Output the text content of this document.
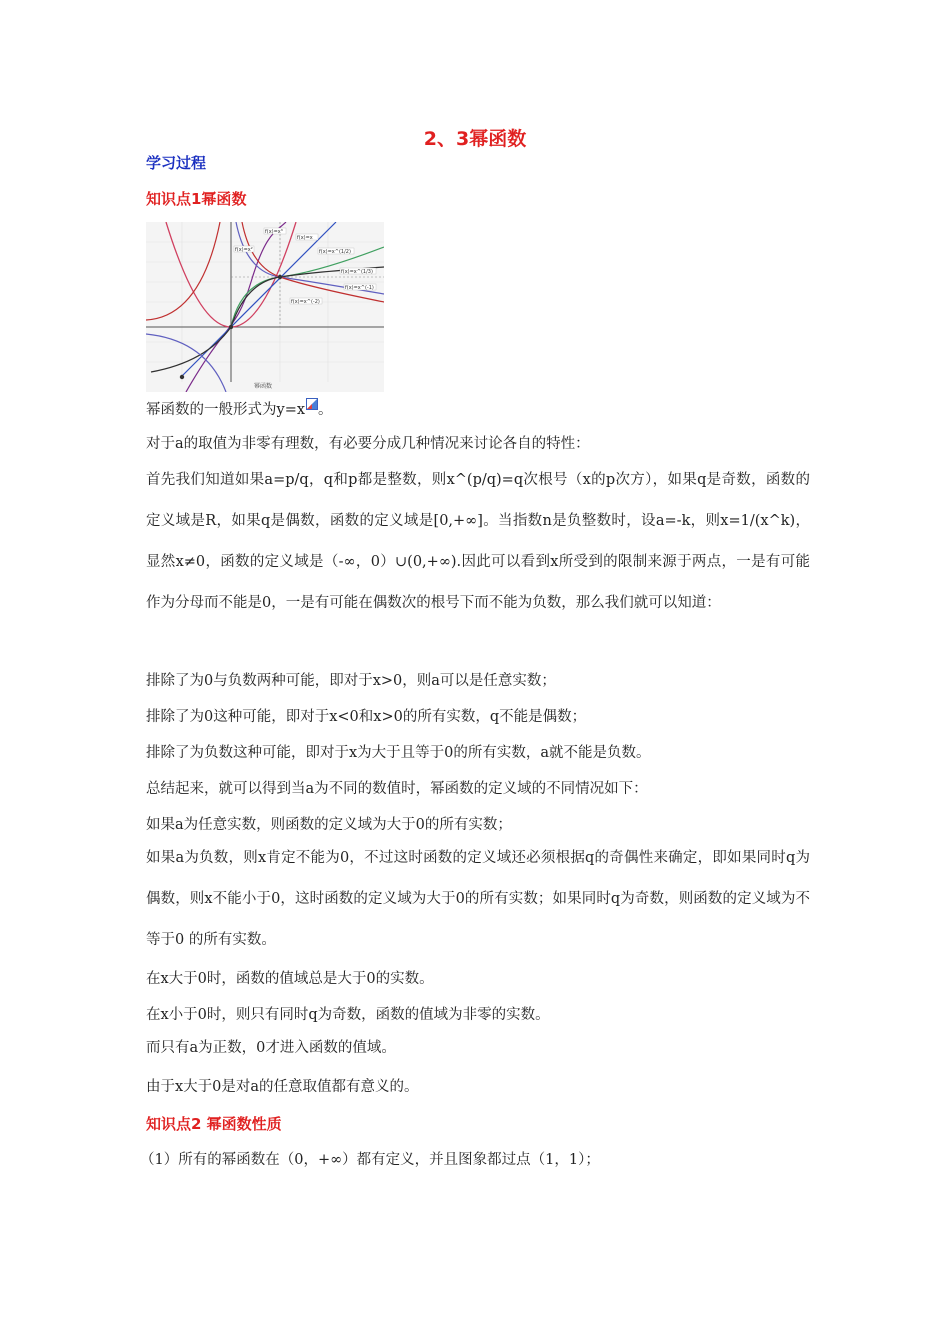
2、3幂函数
学习过程
知识点1幂函数
f(x)=x³
f(x)=x²
f(x)=x
f(x)=x^(1/2)
f(x)=x^(1/3)
f(x)=x^(-1)
f(x)=x^(-2)
幂函数
幂函数的一般形式为y=x 。
对于a的取值为非零有理数，有必要分成几种情况来讨论各自的特性：
首先我们知道如果a=p/q，q和p都是整数，则x^(p/q)=q次根号（x的p次方），如果q是奇数，函数的定义域是R，如果q是偶数，函数的定义域是[0,+∞]。当指数n是负整数时，设a=-k，则x=1/(x^k)，显然x≠0，函数的定义域是（-∞，0）∪(0,+∞).因此可以看到x所受到的限制来源于两点，一是有可能作为分母而不能是0，一是有可能在偶数次的根号下而不能为负数，那么我们就可以知道：
排除了为0与负数两种可能，即对于x>0，则a可以是任意实数；
排除了为0这种可能，即对于x<0和x>0的所有实数，q不能是偶数；
排除了为负数这种可能，即对于x为大于且等于0的所有实数，a就不能是负数。
总结起来，就可以得到当a为不同的数值时，幂函数的定义域的不同情况如下：
如果a为任意实数，则函数的定义域为大于0的所有实数；
如果a为负数，则x肯定不能为0，不过这时函数的定义域还必须根据q的奇偶性来确定，即如果同时q为偶数，则x不能小于0，这时函数的定义域为大于0的所有实数；如果同时q为奇数，则函数的定义域为不等于0 的所有实数。
在x大于0时，函数的值域总是大于0的实数。
在x小于0时，则只有同时q为奇数，函数的值域为非零的实数。
而只有a为正数，0才进入函数的值域。
由于x大于0是对a的任意取值都有意义的。
知识点2 幂函数性质
（1）所有的幂函数在（0，+∞）都有定义，并且图象都过点（1，1）；
